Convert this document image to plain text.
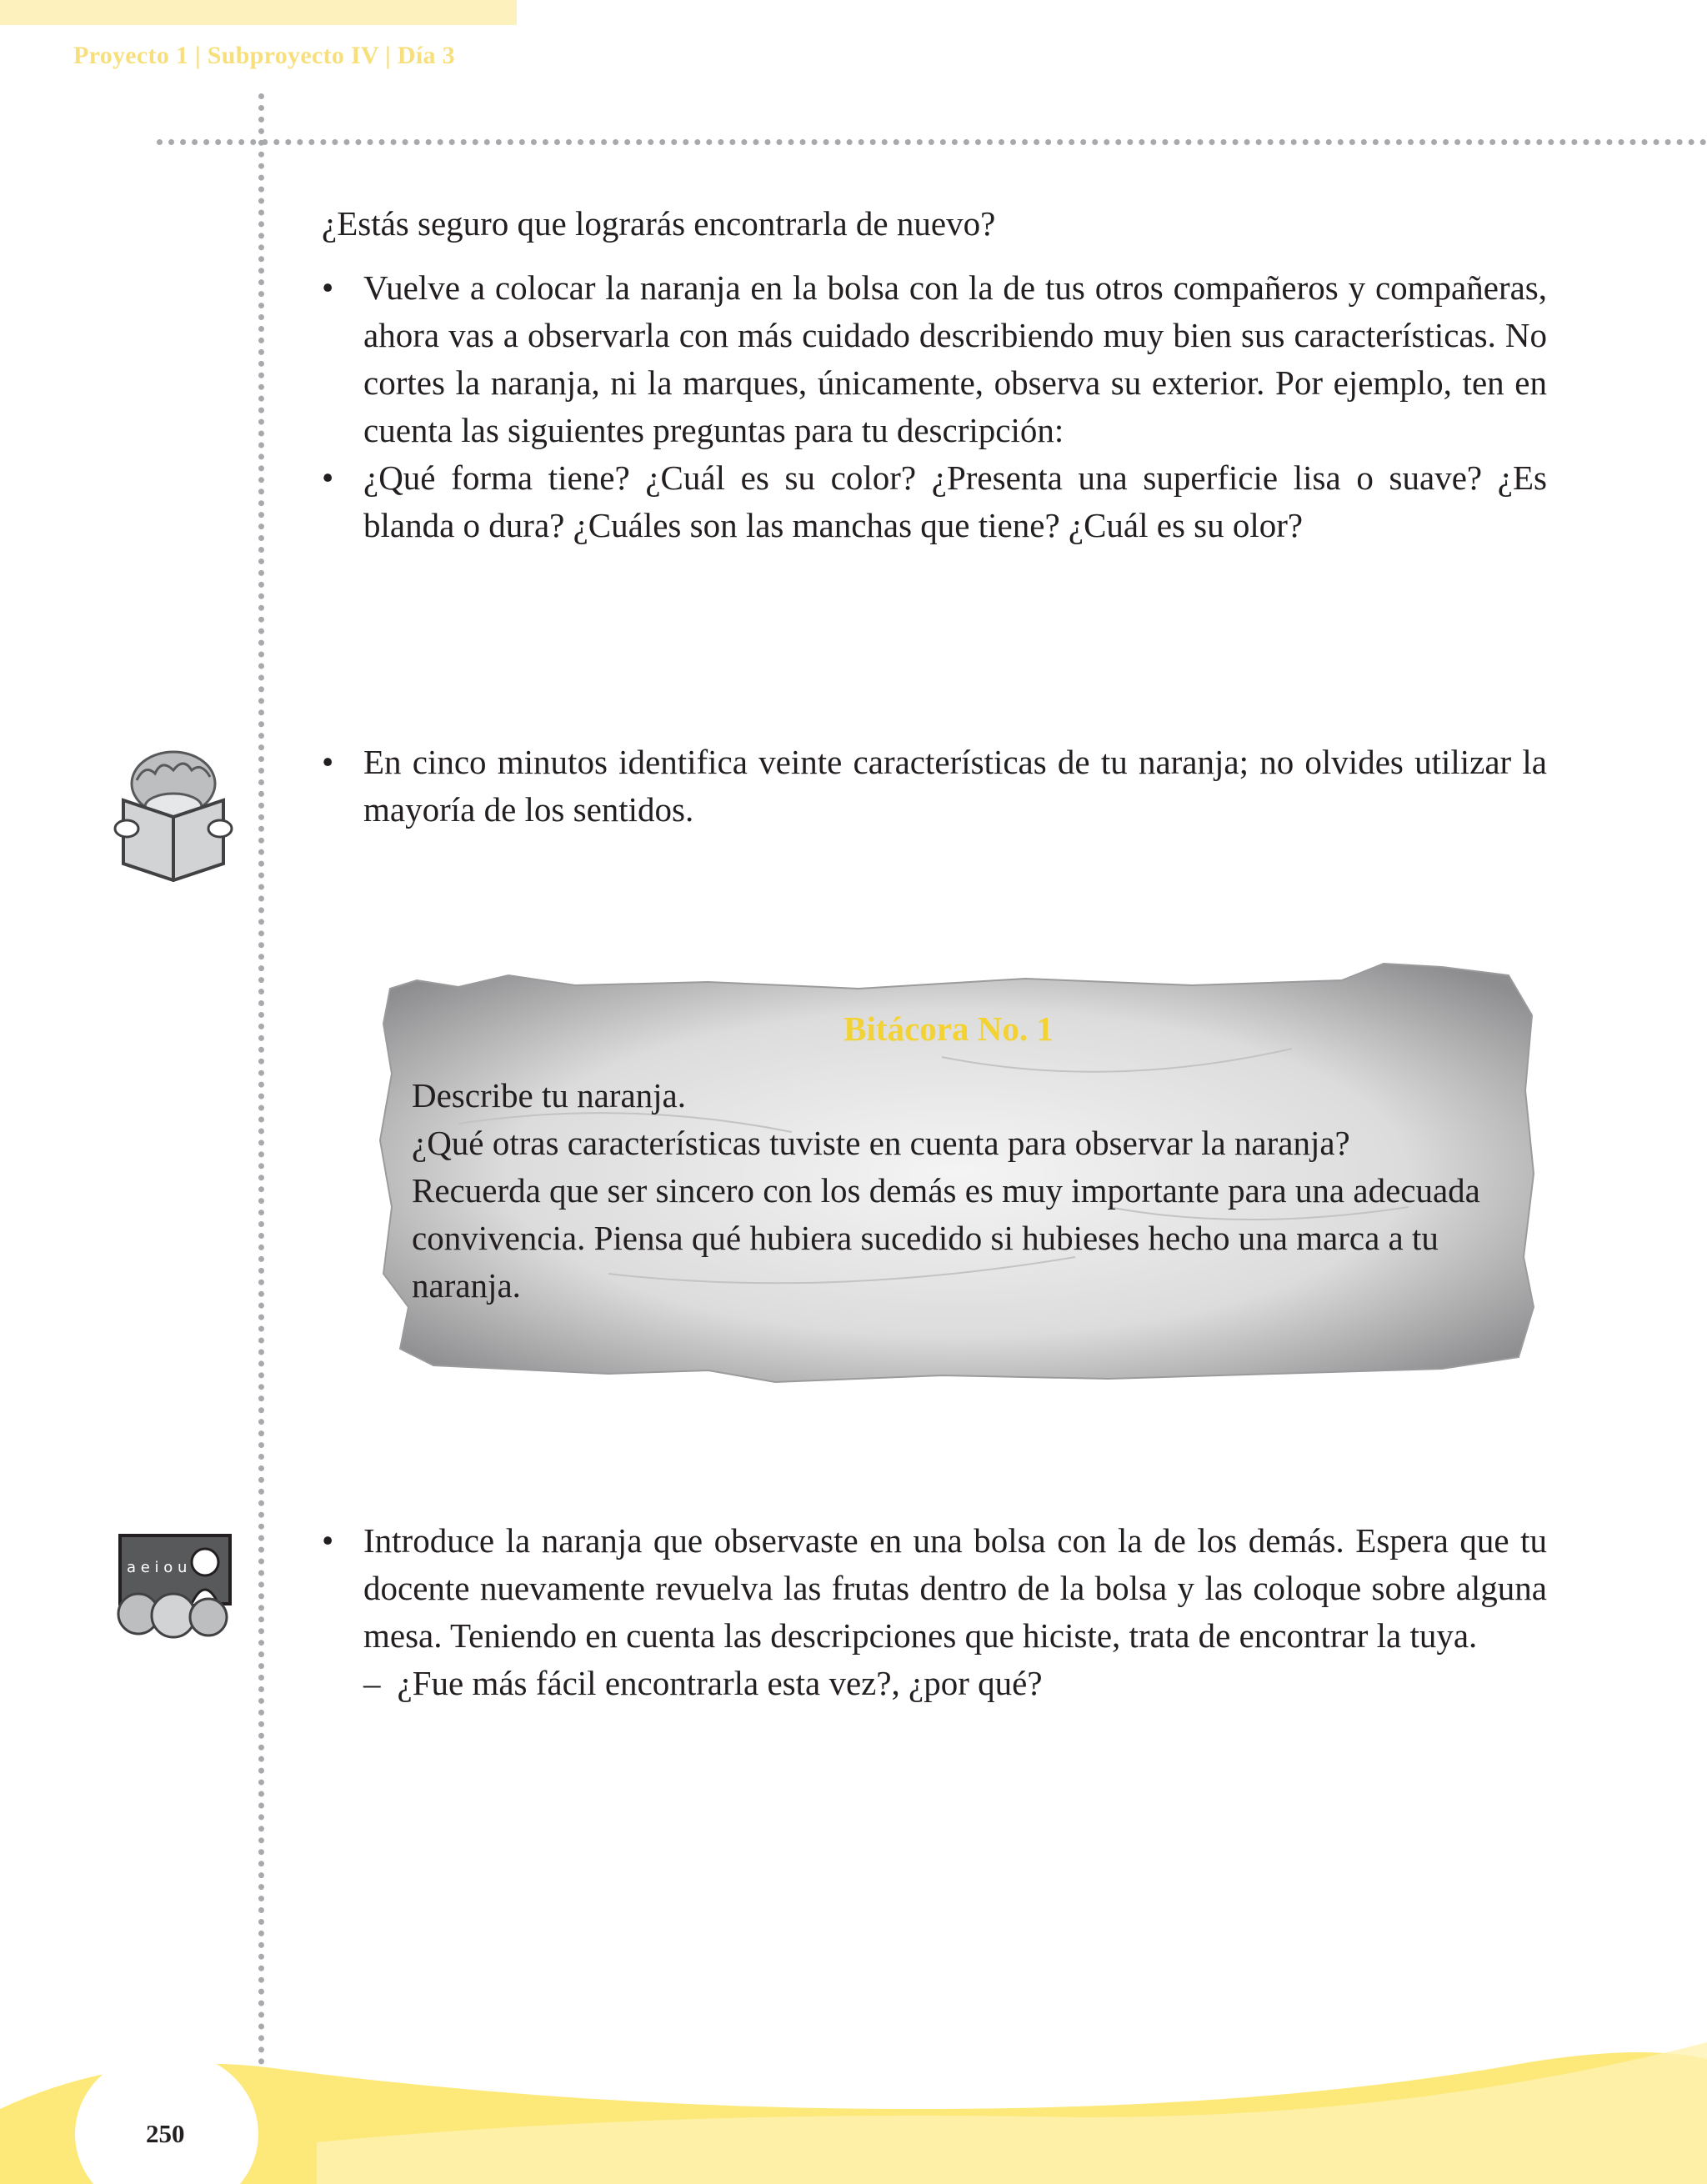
Proyecto 1 | Subproyecto IV | Día 3

¿Estás seguro que lograrás encontrarla de nuevo?

• Vuelve a colocar la naranja en la bolsa con la de tus otros compañeros y compañeras, ahora vas a observarla con más cuidado describiendo muy bien sus características. No cortes la naranja, ni la marques, únicamente, observa su exterior. Por ejemplo, ten en cuenta las siguientes preguntas para tu descripción:
• ¿Qué forma tiene? ¿Cuál es su color? ¿Presenta una superficie lisa o suave? ¿Es blanda o dura? ¿Cuáles son las manchas que tiene? ¿Cuál es su olor?
• En cinco minutos identifica veinte características de tu naranja; no olvides utilizar la mayoría de los sentidos.
Bitácora No. 1

Describe tu naranja.

¿Qué otras características tuviste en cuenta para observar la naranja?

Recuerda que ser sincero con los demás es muy importante para una adecuada convivencia. Piensa qué hubiera sucedido si hubieses hecho una marca a tu naranja.

a e i o u
• Introduce la naranja que observaste en una bolsa con la de los demás. Espera que tu docente nuevamente revuelva las frutas dentro de la bolsa y las coloque sobre alguna mesa. Teniendo en cuenta las descripciones que hiciste, trata de encontrar la tuya.
– ¿Fue más fácil encontrarla esta vez?, ¿por qué?
250
